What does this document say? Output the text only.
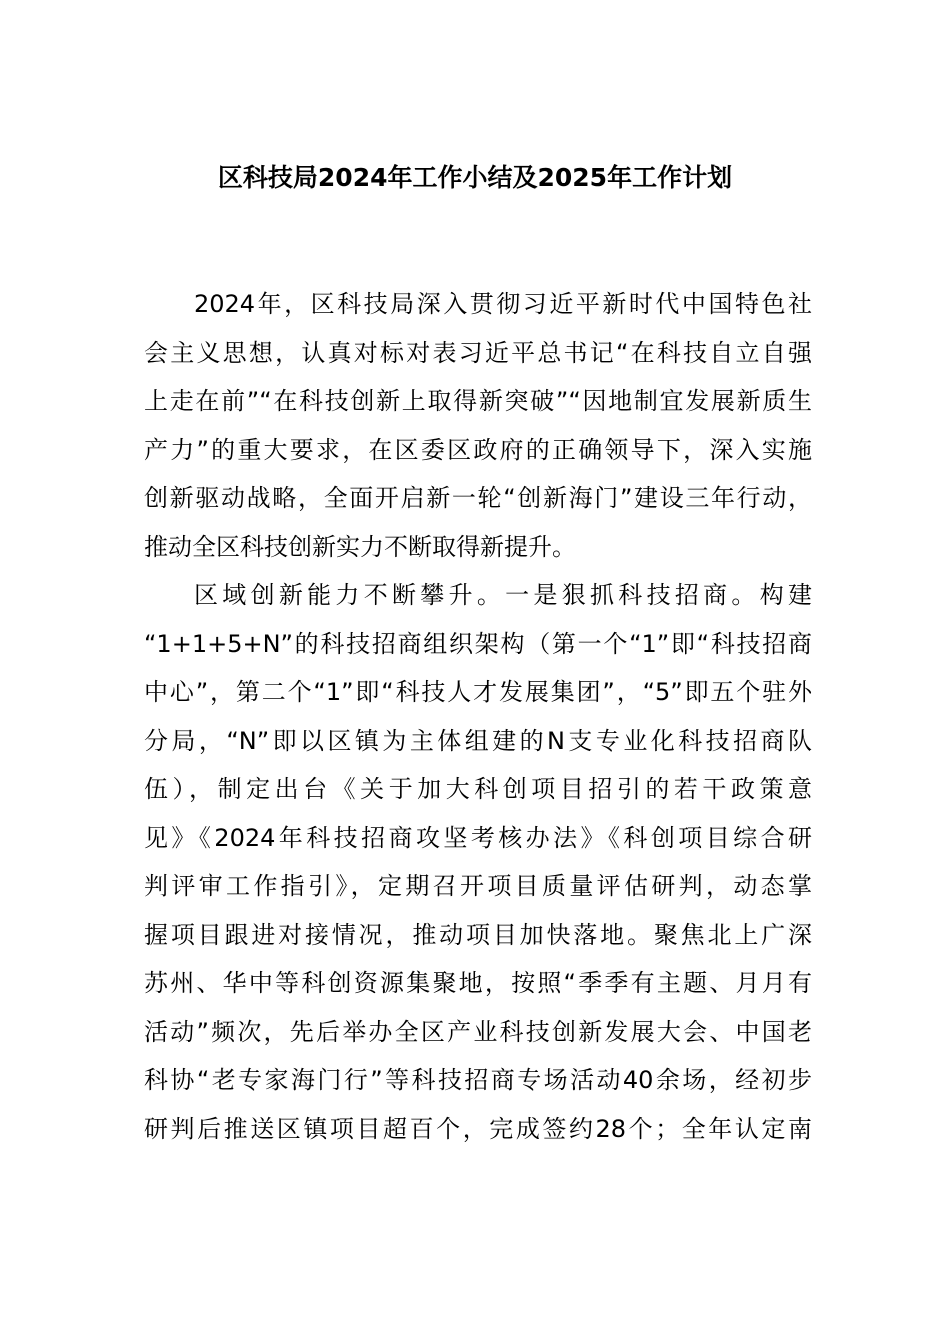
区科技局2024年工作小结及2025年工作计划

2024年，区科技局深入贯彻习近平新时代中国特色社
会主义思想，认真对标对表习近平总书记“在科技自立自强
上走在前”“在科技创新上取得新突破”“因地制宜发展新质生
产力”的重大要求，在区委区政府的正确领导下，深入实施
创新驱动战略，全面开启新一轮“创新海门”建设三年行动，
推动全区科技创新实力不断取得新提升。

区域创新能力不断攀升。一是狠抓科技招商。构建
“1+1+5+N”的科技招商组织架构（第一个“1”即“科技招商
中心”，第二个“1”即“科技人才发展集团”，“5”即五个驻外
分局，“N”即以区镇为主体组建的N支专业化科技招商队
伍），制定出台《关于加大科创项目招引的若干政策意
见》《2024年科技招商攻坚考核办法》《科创项目综合研
判评审工作指引》，定期召开项目质量评估研判，动态掌
握项目跟进对接情况，推动项目加快落地。聚焦北上广深
苏州、华中等科创资源集聚地，按照“季季有主题、月月有
活动”频次，先后举办全区产业科技创新发展大会、中国老
科协“老专家海门行”等科技招商专场活动40余场，经初步
研判后推送区镇项目超百个，完成签约28个；全年认定南
